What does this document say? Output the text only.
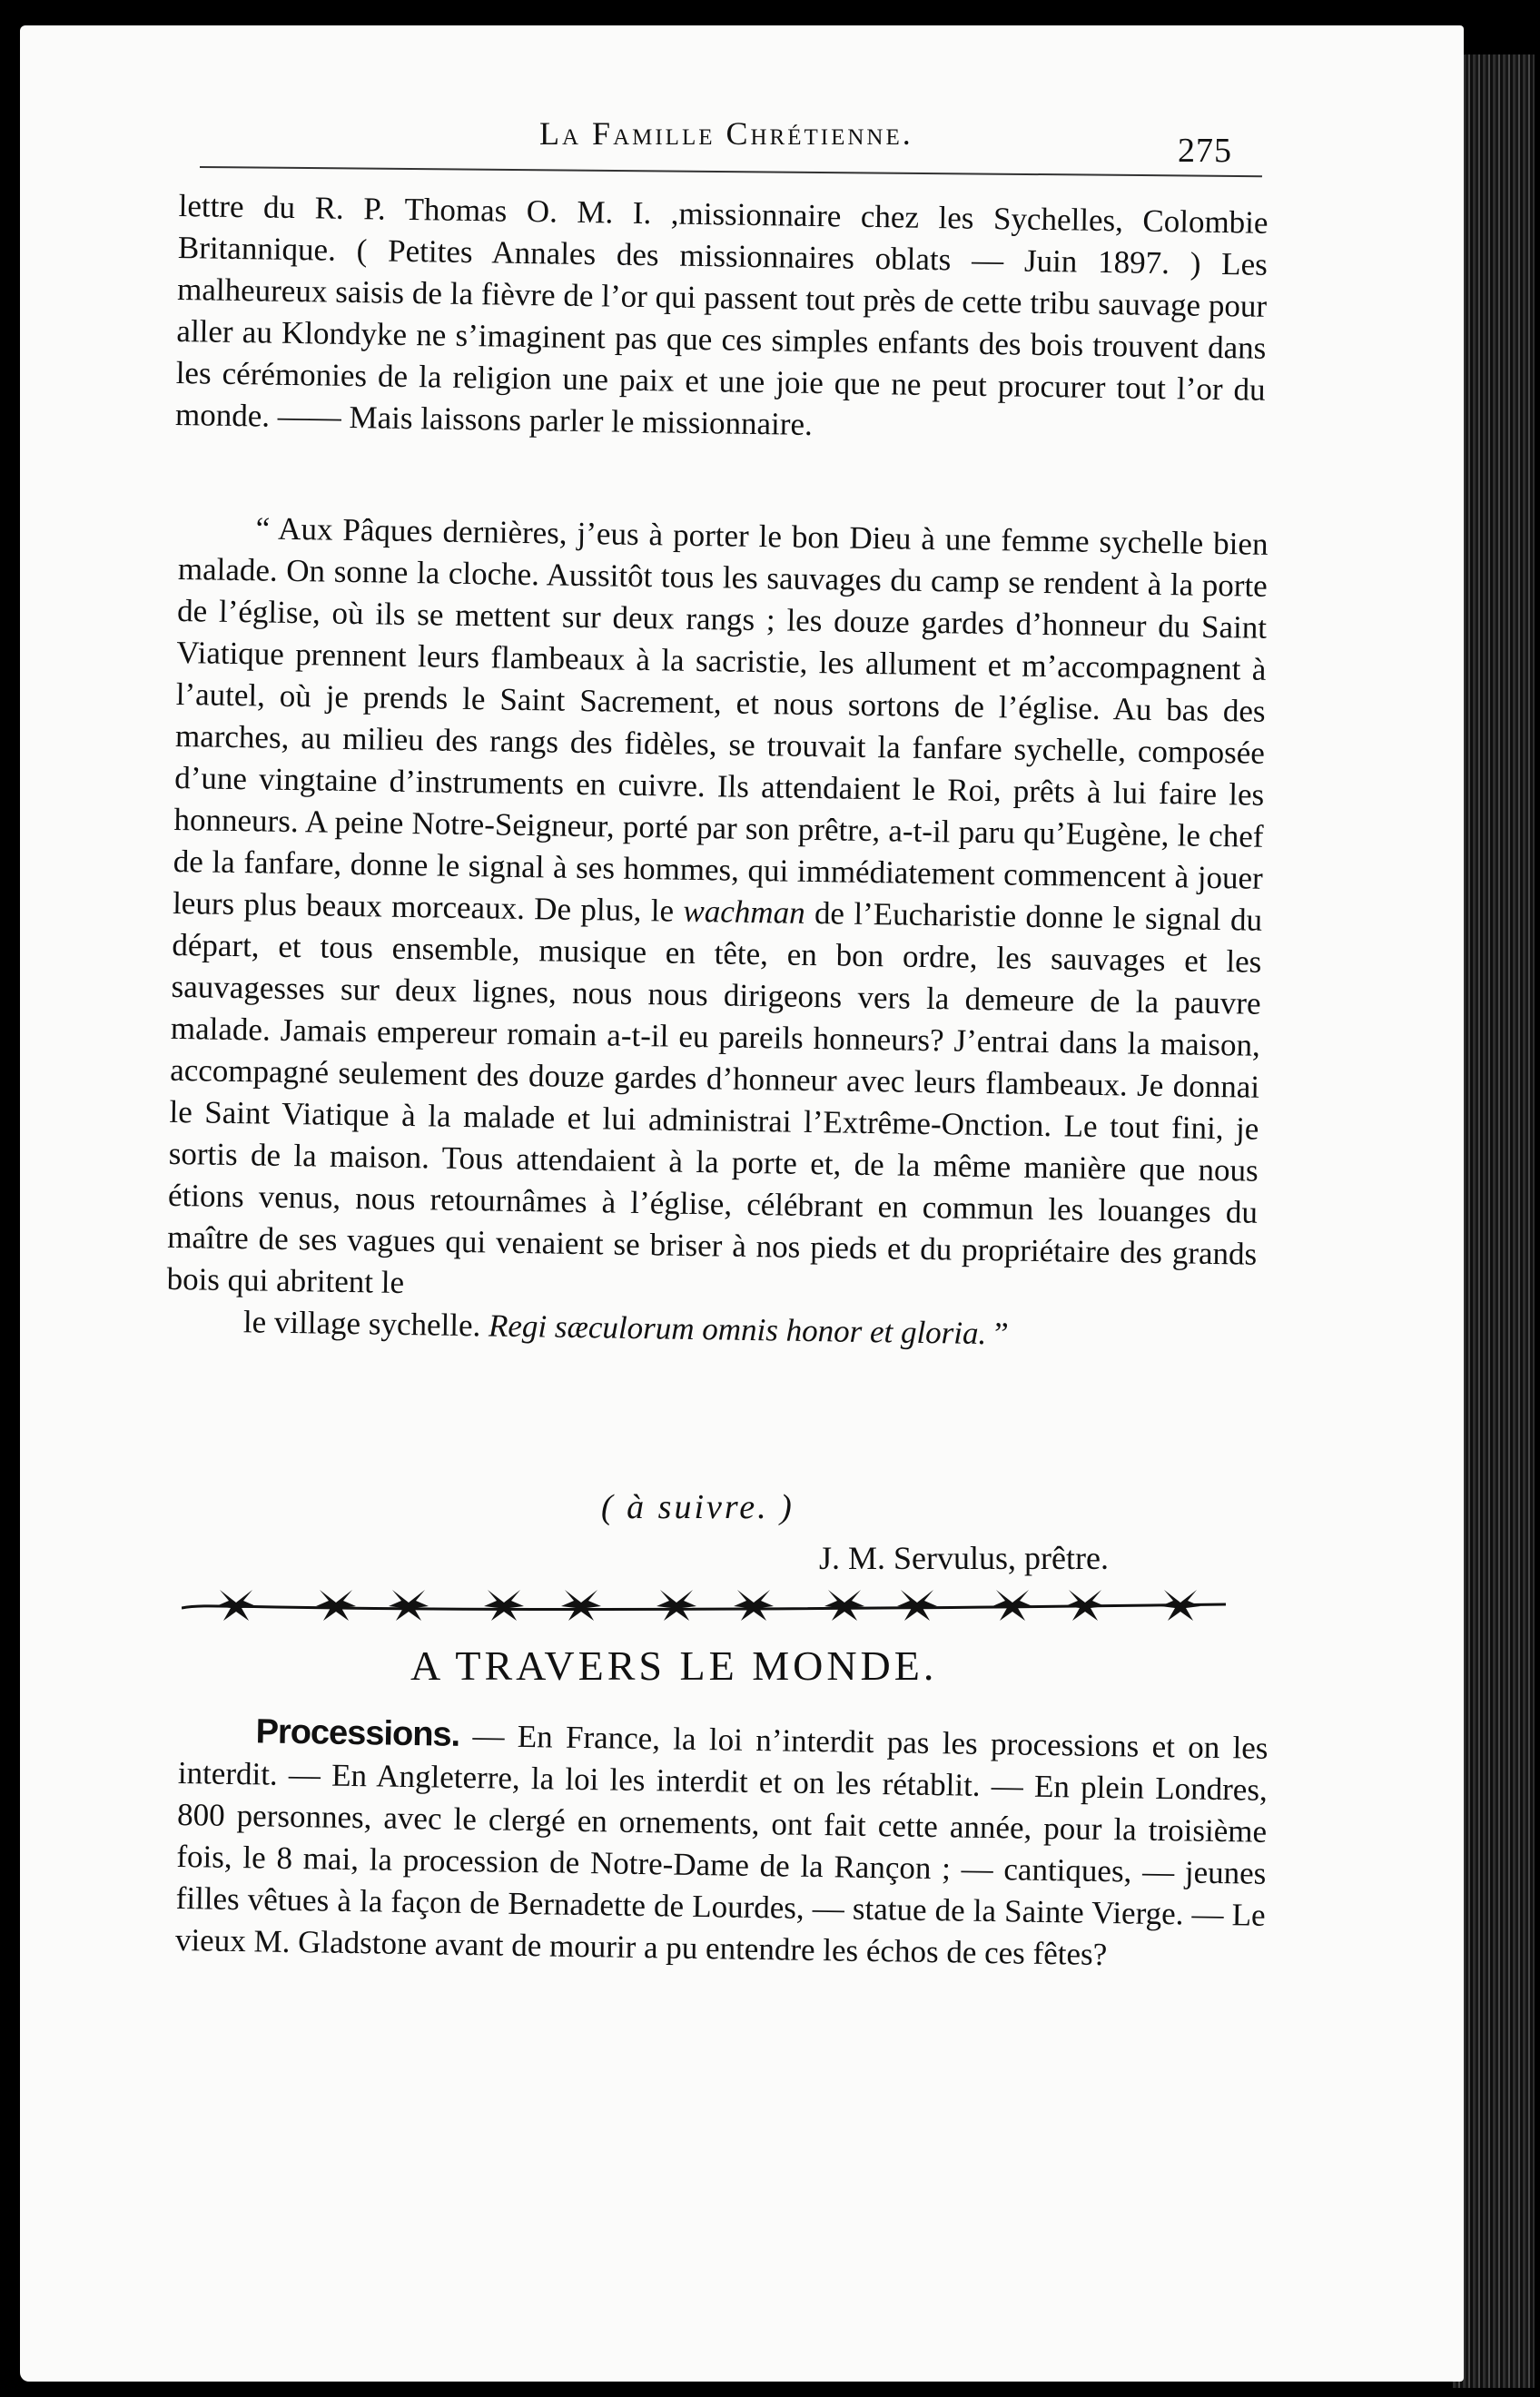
La Famille Chrétienne.	275

lettre du R. P. Thomas O. M. I. ,missionnaire chez les Sychelles, Colombie Britannique. ( Petites Annales des missionnaires oblats — Juin 1897. ) Les malheureux saisis de la fièvre de l’or qui passent tout près de cette tribu sauvage pour aller au Klondyke ne s’imaginent pas que ces simples enfants des bois trouvent dans les cérémonies de la religion une paix et une joie que ne peut procurer tout l’or du monde. —— Mais laissons parler le missionnaire.

“ Aux Pâques dernières, j’eus à porter le bon Dieu à une femme sychelle bien malade. On sonne la cloche. Aussitôt tous les sauvages du camp se rendent à la porte de l’église, où ils se mettent sur deux rangs ; les douze gardes d’honneur du Saint Viatique prennent leurs flambeaux à la sacristie, les allument et m’accompagnent à l’autel, où je prends le Saint Sacrement, et nous sortons de l’église. Au bas des marches, au milieu des rangs des fidèles, se trouvait la fanfare sychelle, composée d’une vingtaine d’instruments en cuivre. Ils attendaient le Roi, prêts à lui faire les honneurs. A peine Notre-Seigneur, porté par son prêtre, a-t-il paru qu’Eugène, le chef de la fanfare, donne le signal à ses hommes, qui immédiatement commencent à jouer leurs plus beaux morceaux. De plus, le wachman de l’Eucharistie donne le signal du départ, et tous ensemble, musique en tête, en bon ordre, les sauvages et les sauvagesses sur deux lignes, nous nous dirigeons vers la demeure de la pauvre malade. Jamais empereur romain a-t-il eu pareils honneurs? J’entrai dans la maison, accompagné seulement des douze gardes d’honneur avec leurs flambeaux. Je donnai le Saint Viatique à la malade et lui administrai l’Extrême-Onction. Le tout fini, je sortis de la maison. Tous attendaient à la porte et, de la même manière que nous étions venus, nous retournâmes à l’église, célébrant en commun les louanges du maître de ses vagues qui venaient se briser à nos pieds et du propriétaire des grands bois qui abritent le
le village sychelle. Regi sæculorum omnis honor et gloria. ”

( à suivre. )
J. M. Servulus, prêtre.
A TRAVERS LE MONDE.

Processions. — En France, la loi n’interdit pas les processions et on les interdit. — En Angleterre, la loi les interdit et on les rétablit. — En plein Londres, 800 personnes, avec le clergé en ornements, ont fait cette année, pour la troisième fois, le 8 mai, la procession de Notre-Dame de la Rançon ; — cantiques, — jeunes filles vêtues à la façon de Bernadette de Lourdes, — statue de la Sainte Vierge. — Le vieux M. Gladstone avant de mourir a pu entendre les échos de ces fêtes?
